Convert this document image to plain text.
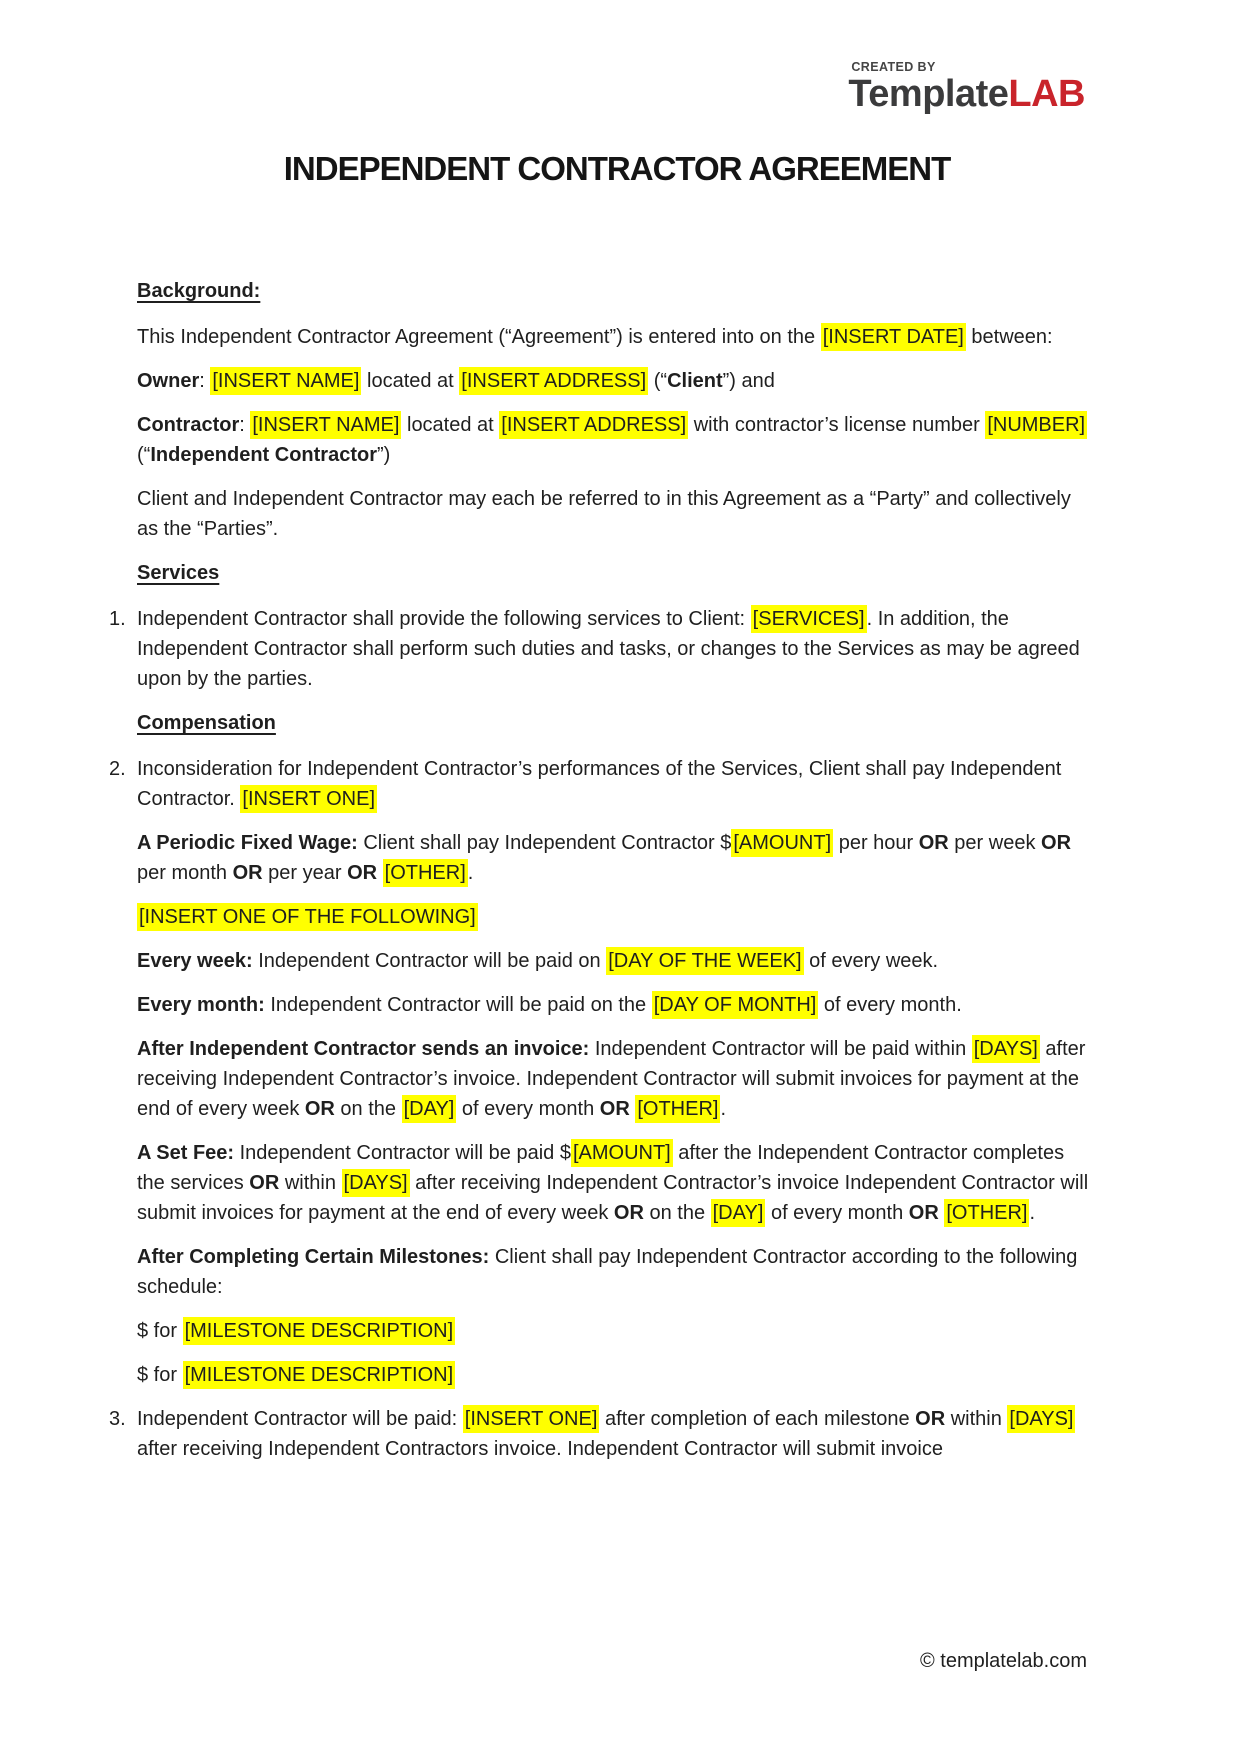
CREATED BY
TemplateLAB
INDEPENDENT CONTRACTOR AGREEMENT

Background:

This Independent Contractor Agreement (“Agreement”) is entered into on the [INSERT DATE] between:

Owner: [INSERT NAME] located at [INSERT ADDRESS] (“Client”) and

Contractor: [INSERT NAME] located at [INSERT ADDRESS] with contractor’s license number [NUMBER] (“Independent Contractor”)

Client and Independent Contractor may each be referred to in this Agreement as a “Party” and collectively as the “Parties”.

Services

1. Independent Contractor shall provide the following services to Client: [SERVICES] . In addition, the Independent Contractor shall perform such duties and tasks, or changes to the Services as may be agreed upon by the parties.

Compensation

2. Inconsideration for Independent Contractor’s performances of the Services, Client shall pay Independent Contractor. [INSERT ONE]

A Periodic Fixed Wage: Client shall pay Independent Contractor $ [AMOUNT] per hour OR per week OR per month OR per year OR [OTHER] .

[INSERT ONE OF THE FOLLOWING]

Every week: Independent Contractor will be paid on [DAY OF THE WEEK] of every week.

Every month: Independent Contractor will be paid on the [DAY OF MONTH] of every month.

After Independent Contractor sends an invoice: Independent Contractor will be paid within [DAYS] after receiving Independent Contractor’s invoice. Independent Contractor will submit invoices for payment at the end of every week OR on the [DAY] of every month OR [OTHER] .

A Set Fee: Independent Contractor will be paid $ [AMOUNT] after the Independent Contractor completes the services OR within [DAYS] after receiving Independent Contractor’s invoice Independent Contractor will submit invoices for payment at the end of every week OR on the [DAY] of every month OR [OTHER] .

After Completing Certain Milestones: Client shall pay Independent Contractor according to the following schedule:

$ for [MILESTONE DESCRIPTION]

$ for [MILESTONE DESCRIPTION]

3. Independent Contractor will be paid: [INSERT ONE] after completion of each milestone OR within [DAYS] after receiving Independent Contractors invoice. Independent Contractor will submit invoice

© templatelab.com
